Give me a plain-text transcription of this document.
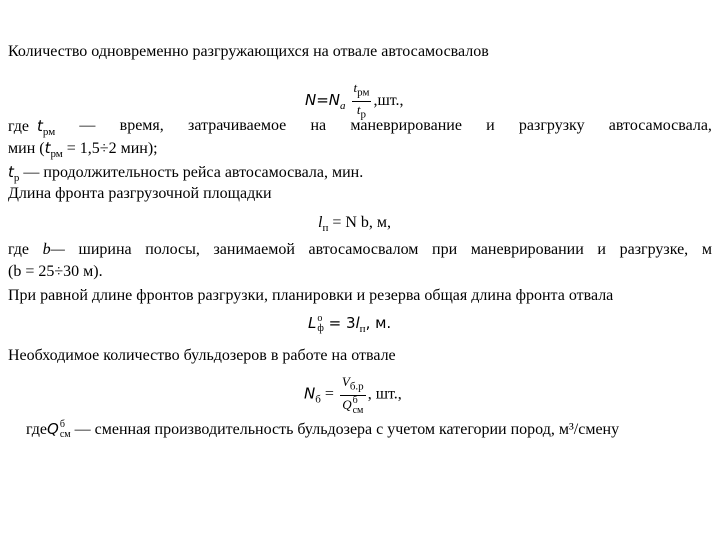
Количество одновременно разгружающихся на отвале автосамосвалов
$N=N_а \frac{t_{рм}}{t_р} ,шт$.,
где $t_{рм}$ — время, затрачиваемое на маневрирование и разгрузку автосамосвала,
мин ($t_{рм} = 1,5\div 2$ мин);
$t_р$ — продолжительность рейса автосамосвала, мин.
Длина фронта разгрузочной площадки
$l_п = N$ b, м,
где b— ширина полосы, занимаемой автосамосвалом при маневрировании и разгрузке, м
(b = 25÷30 м).
При равной длине фронтов разгрузки, планировки и резерва общая длина фронта отвала
L о
$ф = 3l_п$, м.
Необходимое количество бульдозеров в работе на отвале
$N_б = V_{б.р}$
Q б
см , шт.,
гдеQ б
см — сменная производительность бульдозера с учетом категории пород, м³/смену
